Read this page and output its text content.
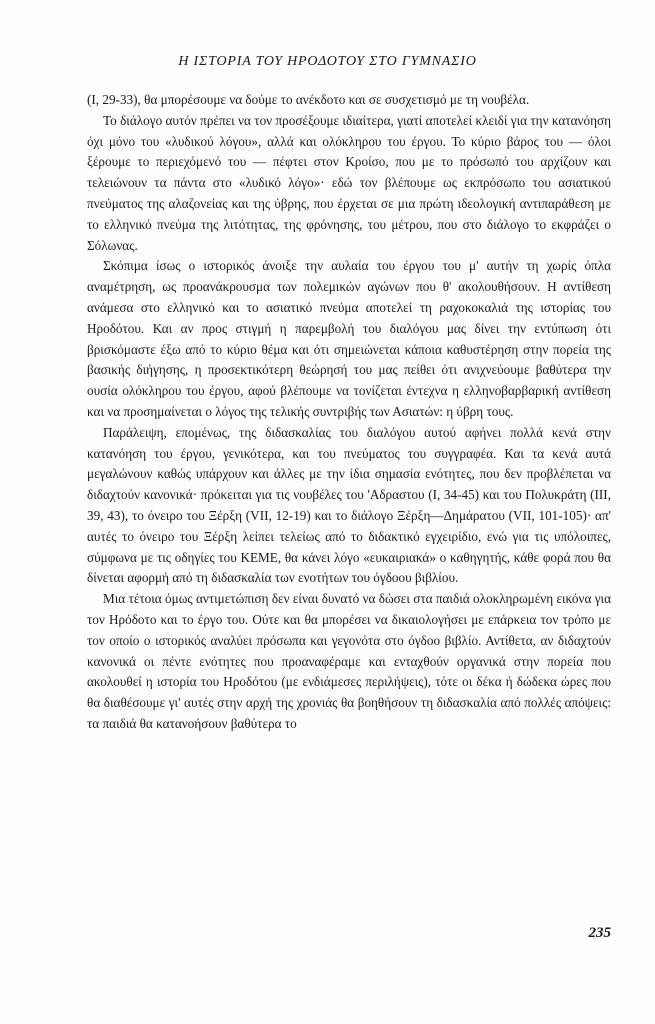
Η ΙΣΤΟΡΙΑ ΤΟΥ ΗΡΟΔΟΤΟΥ ΣΤΟ ΓΥΜΝΑΣΙΟ

(I, 29-33), θα μπορέσουμε να δούμε το ανέκδοτο και σε συσχετισμό με τη νουβέλα.

Το διάλογο αυτόν πρέπει να τον προσέξουμε ιδιαίτερα, γιατί αποτελεί κλειδί για την κατανόηση όχι μόνο του «λυδικού λόγου», αλλά και ολόκληρου του έργου. Το κύριο βάρος του — όλοι ξέρουμε το περιεχόμενό του — πέφτει στον Κροίσο, που με το πρόσωπό του αρχίζουν και τελειώνουν τα πάντα στο «λυδικό λόγο»· εδώ τον βλέπουμε ως εκπρόσωπο του ασιατικού πνεύματος της αλαζονείας και της ύβρης, που έρχεται σε μια πρώτη ιδεολογική αντιπαράθεση με το ελληνικό πνεύμα της λιτότητας, της φρόνησης, του μέτρου, που στο διάλογο το εκφράζει ο Σόλωνας.

Σκόπιμα ίσως ο ιστορικός άνοιξε την αυλαία του έργου του μ' αυτήν τη χωρίς όπλα αναμέτρηση, ως προανάκρουσμα των πολεμικών αγώνων που θ' ακολουθήσουν. Η αντίθεση ανάμεσα στο ελληνικό και το ασιατικό πνεύμα αποτελεί τη ραχοκοκαλιά της ιστορίας του Ηροδότου. Και αν προς στιγμή η παρεμβολή του διαλόγου μας δίνει την εντύπωση ότι βρισκόμαστε έξω από το κύριο θέμα και ότι σημειώνεται κάποια καθυστέρηση στην πορεία της βασικής διήγησης, η προσεκτικότερη θεώρησή του μας πείθει ότι ανιχνεύουμε βαθύτερα την ουσία ολόκληρου του έργου, αφού βλέπουμε να τονίζεται έντεχνα η ελληνοβαρβαρική αντίθεση και να προσημαίνεται ο λόγος της τελικής συντριβής των Ασιατών: η ύβρη τους.

Παράλειψη, επομένως, της διδασκαλίας του διαλόγου αυτού αφήνει πολλά κενά στην κατανόηση του έργου, γενικότερα, και του πνεύματος του συγγραφέα. Και τα κενά αυτά μεγαλώνουν καθώς υπάρχουν και άλλες με την ίδια σημασία ενότητες, που δεν προβλέπεται να διδαχτούν κανονικά· πρόκειται για τις νουβέλες του 'Αδραστου (I, 34-45) και του Πολυκράτη (III, 39, 43), το όνειρο του Ξέρξη (VII, 12-19) και το διάλογο Ξέρξη—Δημάρατου (VII, 101-105)· απ' αυτές το όνειρο του Ξέρξη λείπει τελείως από το διδακτικό εγχειρίδιο, ενώ για τις υπόλοιπες, σύμφωνα με τις οδηγίες του ΚΕΜΕ, θα κάνει λόγο «ευκαιριακά» ο καθηγητής, κάθε φορά που θα δίνεται αφορμή από τη διδασκαλία των ενοτήτων του όγδοου βιβλίου.

Μια τέτοια όμως αντιμετώπιση δεν είναι δυνατό να δώσει στα παιδιά ολοκληρωμένη εικόνα για τον Ηρόδοτο και το έργο του. Ούτε και θα μπορέσει να δικαιολογήσει με επάρκεια τον τρόπο με τον οποίο ο ιστορικός αναλύει πρόσωπα και γεγονότα στο όγδοο βιβλίο. Αντίθετα, αν διδαχτούν κανονικά οι πέντε ενότητες που προαναφέραμε και ενταχθούν οργανικά στην πορεία που ακολουθεί η ιστορία του Ηροδότου (με ενδιάμεσες περιλήψεις), τότε οι δέκα ή δώδεκα ώρες που θα διαθέσουμε γι' αυτές στην αρχή της χρονιάς θα βοηθήσουν τη διδασκαλία από πολλές απόψεις: τα παιδιά θα κατανοήσουν βαθύτερα το

235
